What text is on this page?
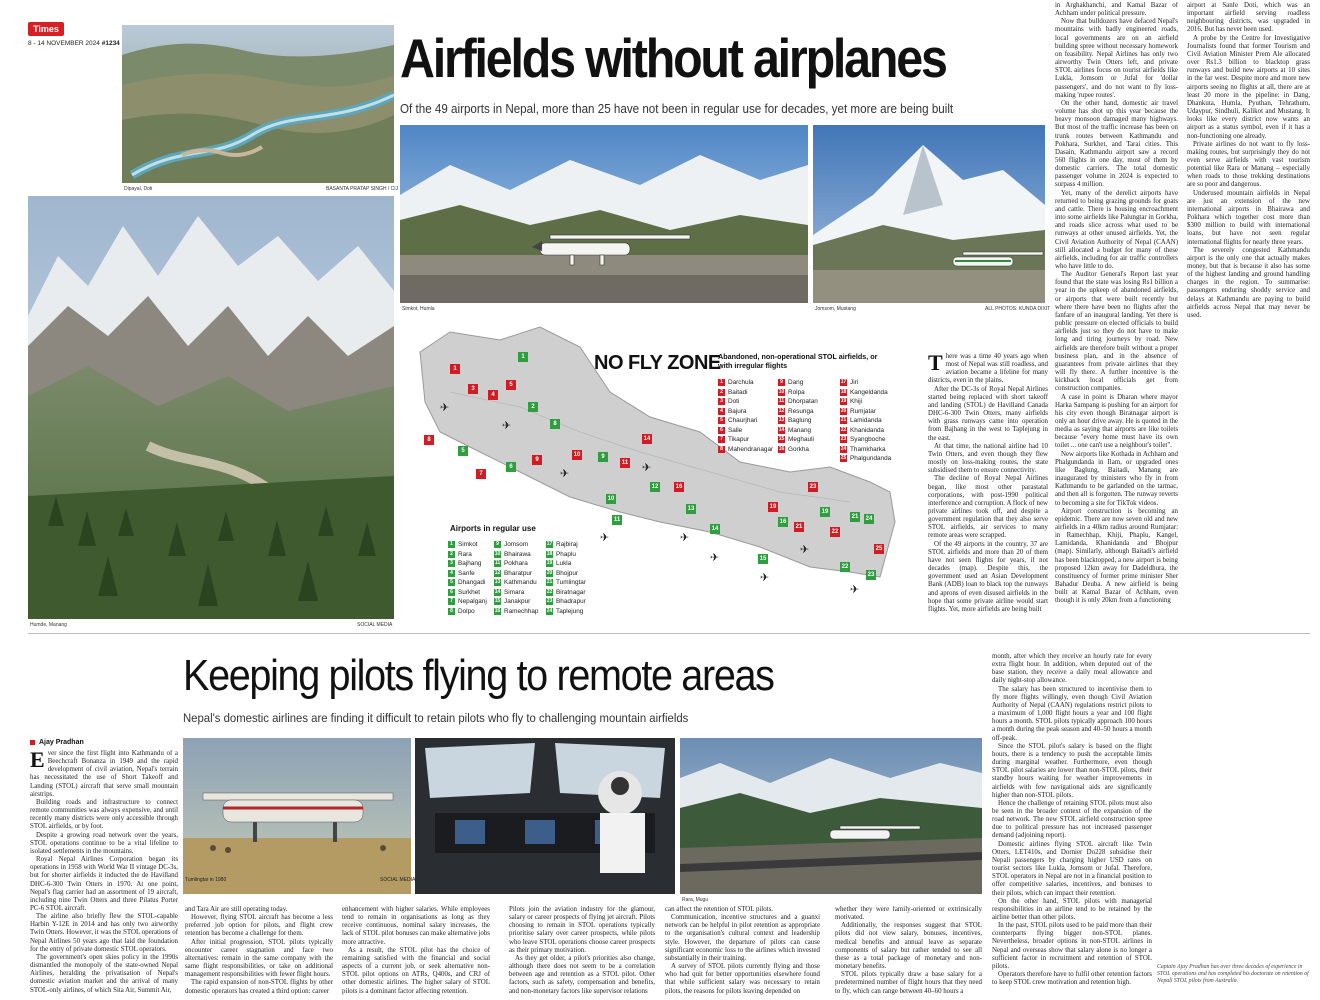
Times
8 - 14 NOVEMBER 2024 #1234
Dipayal, Doti	BASANTA PRATAP SINGH / CIJ
Humde, Manang	SOCIAL MEDIA
Airfields without airplanes
Of the 49 airports in Nepal, more than 25 have not been in regular use for decades, yet more are being built
Simkot, Humla	Jomsom, Mustang	ALL PHOTOS: KUNDA DIXIT
NO FLY ZONE
Abandoned, non-operational STOL airfields, or with irregular flights
1
1
3
4
5
2
8
5
7
6
9
8
10	9
11
14
10
11
12	16
13
14
19
16
21
23
19
22
21 24
25
22
23
15
✈
✈
✈	✈
✈	✈
✈
✈
✈
✈
1 Darchula
2 Baitadi
3 Doti
4 Bajura
5 Chaurjhari
6 Salle
7 Tikapur
8 Mahendranagar
9 Dang
10 Rolpa
11 Dhorpatan
12 Resunga
13 Baglung
14 Manang
15 Meghauli
16 Gorkha
17 Jiri
18 Kangeldanda
19 Khiji
20 Rumjatar
21 Lamidanda
22 Khanidanda
23 Syangboche
24 Thamkharka
25 Phalgundanda
Airports in regular use
1 Simkot
2 Rara
3 Bajhang
4 Sanfe
5 Dhangadi
6 Surkhet
7 Nepalganj
8 Dolpo
9 Jomsom
10 Bhairawa
11 Pokhara
12 Bharatpur
13 Kathmandu
14 Simara
15 Janakpur
16 Ramechhap
17 Rajbiraj
18 Phaplu
19 Lukla
20 Bhojpur
21 Tumlingtar
22 Biratnagar
23 Bhadrapur
24 Taplejung

There was a time 40 years ago when most of Nepal was still roadless, and aviation became a lifeline for many districts, even in the plains.

After the DC-3s of Royal Nepal Airlines started being replaced with short takeoff and landing (STOL) de Havilland Canada DHC-6-300 Twin Otters, many airfields with grass runways came into operation from Bajhang in the west to Taplejung in the east.

At that time, the national airline had 10 Twin Otters, and even though they flew mostly on loss-making routes, the state subsidised them to ensure connectivity.

The decline of Royal Nepal Airlines began, like most other parastatal corporations, with post-1990 political interference and corruption. A flock of new private airlines took off, and despite a government regulation that they also serve STOL airfields, air services to many remote areas were scrapped.

Of the 49 airports in the country, 37 are STOL airfields and more than 20 of them have not seen flights for years, if not decades (map). Despite this, the government used an Asian Development Bank (ADB) loan to black top the runways and aprons of even disused airfields in the hope that some private airline would start flights. Yet, more airfields are being built

in Arghakhanchi, and Kamal Bazar of Achham under political pressure.

Now that bulldozers have defaced Nepal's mountains with badly engineered roads, local governments are on an airfield building spree without necessary homework on feasibility. Nepal Airlines has only two airworthy Twin Otters left, and private STOL airlines focus on tourist airfields like Lukla, Jomsom or Jufal for 'dollar passengers', and do not want to fly loss-making 'rupee routes'.

On the other hand, domestic air travel volume has shot up this year because the heavy monsoon damaged many highways. But most of the traffic increase has been on trunk routes between Kathmandu and Pokhara, Surkhet, and Tarai cities. This Dasain, Kathmandu airport saw a record 560 flights in one day, most of them by domestic carriers. The total domestic passenger volume in 2024 is expected to surpass 4 million.

Yet, many of the derelict airports have returned to being grazing grounds for goats and cattle. There is housing encroachment into some airfields like Palungtar in Gorkha, and roads slice across what used to be runways at other unused airfields. Yet, the Civil Aviation Authority of Nepal (CAAN) still allocated a budget for many of these airfields, including for air traffic controllers who have little to do.

The Auditor General's Report last year found that the state was losing Rs1 billion a year in the upkeep of abandoned airfields, or airports that were built recently but where there have been no flights after the fanfare of an inaugural landing. Yet there is public pressure on elected officials to build airfields just so they do not have to make long and tiring journeys by road. New airfields are therefore built without a proper business plan, and in the absence of guarantees from private airlines that they will fly there. A further incentive is the kickback local officials get from construction companies.

A case in point is Dharan where mayor Harka Sampang is pushing for an airport for his city even though Biratnagar airport is only an hour drive away. He is quoted in the media as saying that airports are like toilets because "every home must have its own toilet ... one can't use a neighbour's toilet".

New airports like Kothada in Achham and Phalgundanda in Ilam, or upgraded ones like Baglung, Baitadi, Manang are inaugurated by ministers who fly in from Kathmandu to be garlanded on the tarmac, and then all is forgotten. The runway reverts to becoming a site for TikTok videos.

Airport construction is becoming an epidemic. There are now seven old and new airfields in a 40km radius around Rumjatar: in Ramechhap, Khiji, Phaplu, Kangel, Lamidanda, Khanidanda and Bhojpur (map). Similarly, although Baitadi's airfield has been blacktopped, a new airport is being proposed 12km away for Dadeldhura, the constituency of former prime minister Sher Bahadur Deuba. A new airfield is being built at Kamal Bazar of Achham, even though it is only 20km from a functioning

airport at Sanfe Doti, which was an important airfield serving roadless neighbouring districts, was upgraded in 2016. But has never been used.

A probe by the Centre for Investigative Journalists found that former Tourism and Civil Aviation Minister Prem Ale allocated over Rs1.3 billion to blacktop grass runways and build new airports at 10 sites in the far west. Despite more and more new airports seeing no flights at all, there are at least 20 more in the pipeline: in Dang, Dhankuta, Humla, Pyuthan, Tehrathum, Udaypur, Sindhuli, Kalikot and Mustang. It looks like every district now wants an airport as a status symbol, even if it has a non-functioning one already.

Private airlines do not want to fly loss-making routes, but surprisingly they do not even serve airfields with vast tourism potential like Rara or Manang – especially when roads to those trekking destinations are so poor and dangerous.

Underused mountain airfields in Nepal are just an extension of the new international airports in Bhairawa and Pokhara which together cost more than $300 million to build with international loans, but have not seen regular international flights for nearly three years.

The severely congested Kathmandu airport is the only one that actually makes money, but that is because it also has some of the highest landing and ground handling charges in the region. To summarise: passengers enduring shoddy service and delays at Kathmandu are paying to build airfields across Nepal that may never be used.

Keeping pilots flying to remote areas
Nepal's domestic airlines are finding it difficult to retain pilots who fly to challenging mountain airfields
Ajay Pradhan
Tumlingtar in 1980	SOCIAL MEDIA
Rara, Mugu

Ever since the first flight into Kathmandu of a Beechcraft Bonanza in 1949 and the rapid development of civil aviation, Nepal's terrain has necessitated the use of Short Takeoff and Landing (STOL) aircraft that serve small mountain airstrips.

Building roads and infrastructure to connect remote communities was always expensive, and until recently many districts were only accessible through STOL airfields, or by foot.

Despite a growing road network over the years, STOL operations continue to be a vital lifeline to isolated settlements in the mountains.

Royal Nepal Airlines Corporation began its operations in 1958 with World War II vintage DC-3s, but for shorter airfields it inducted the de Havilland DHC-6-300 Twin Otters in 1970. At one point, Nepal's flag carrier had an assortment of 19 aircraft, including nine Twin Otters and three Pilatus Porter PC-6 STOL aircraft.

The airline also briefly flew the STOL-capable Harbin Y-12E in 2014 and has only two airworthy Twin Otters. However, it was the STOL operations of Nepal Airlines 50 years ago that laid the foundation for the entry of private domestic STOL operators.

The government's open skies policy in the 1990s dismantled the monopoly of the state-owned Nepal Airlines, heralding the privatisation of Nepal's domestic aviation market and the arrival of many STOL-only airlines, of which Sita Air, Summit Air,

and Tara Air are still operating today.

However, flying STOL aircraft has become a less preferred job option for pilots, and flight crew retention has become a challenge for them.

After initial progression, STOL pilots typically encounter career stagnation and face two alternatives: remain in the same company with the same flight responsibilities, or take on additional management responsibilities with fewer flight hours.

The rapid expansion of non-STOL flights by other domestic operators has created a third option: career

enhancement with higher salaries. While employees tend to remain in organisations as long as they receive continuous, nominal salary increases, the lack of STOL pilot bonuses can make alternative jobs more attractive.

As a result, the STOL pilot has the choice of remaining satisfied with the financial and social aspects of a current job, or seek alternative non-STOL pilot options on ATRs, Q400s, and CRJ of other domestic airlines. The higher salary of STOL pilots is a dominant factor affecting retention.

Pilots join the aviation industry for the glamour, salary or career prospects of flying jet aircraft. Pilots choosing to remain in STOL operations typically prioritise salary over career prospects, while pilots who leave STOL operations choose career prospects as their primary motivation.

As they get older, a pilot's priorities also change, although there does not seem to be a correlation between age and retention as a STOL pilot. Other factors, such as safety, compensation and benefits, and non-monetary factors like supervisor relations

can affect the retention of STOL pilots.

Communication, incentive structures and a guanxi network can be helpful in pilot retention as appropriate to the organisation's cultural context and leadership style. However, the departure of pilots can cause significant economic loss to the airlines which invested substantially in their training.

A survey of STOL pilots currently flying and those who had quit for better opportunities elsewhere found that while sufficient salary was necessary to retain pilots, the reasons for pilots leaving depended on

whether they were family-oriented or extrinsically motivated.

Additionally, the responses suggest that STOL pilots did not view salary, bonuses, incentives, medical benefits and annual leave as separate components of salary but rather tended to see all these as a total package of monetary and non-monetary benefits.

STOL pilots typically draw a base salary for a predetermined number of flight hours that they need to fly, which can range between 40–60 hours a

month, after which they receive an hourly rate for every extra flight hour. In addition, when deputed out of the base station, they receive a daily meal allowance and daily night-stop allowance.

The salary has been structured to incentivise them to fly more flights willingly, even though Civil Aviation Authority of Nepal (CAAN) regulations restrict pilots to a maximum of 1,000 flight hours a year and 100 flight hours a month. STOL pilots typically approach 100 hours a month during the peak season and 40–50 hours a month off-peak.

Since the STOL pilot's salary is based on the flight hours, there is a tendency to push the acceptable limits during marginal weather. Furthermore, even though STOL pilot salaries are lower than non-STOL pilots, their standby hours waiting for weather improvements in airfields with few navigational aids are significantly higher than non-STOL pilots.

Hence the challenge of retaining STOL pilots must also be seen in the broader context of the expansion of the road network. The new STOL airfield construction spree due to political pressure has not increased passenger demand (adjoining report).

Domestic airlines flying STOL aircraft like Twin Otters, LET410s, and Dornier Do228 subsidise their Nepali passengers by charging higher USD rates on tourist sectors like Lukla, Jomsom or Jufal. Therefore, STOL operators in Nepal are not in a financial position to offer competitive salaries, incentives, and bonuses to their pilots, which can impact their retention.

On the other hand, STOL pilots with managerial responsibilities in an airline tend to be retained by the airline better than other pilots.

In the past, STOL pilots used to be paid more than their counterparts flying bigger non-STOL planes. Nevertheless, broader options in non-STOL airlines in Nepal and overseas show that salary alone is no longer a sufficient factor in recruitment and retention of STOL pilots.

Operators therefore have to fulfil other retention factors to keep STOL crew motivation and retention high.

Captain Ajay Pradhan has over three decades of experience in STOL operations and has completed his doctorate on retention of Nepali STOL pilots from Australia.
